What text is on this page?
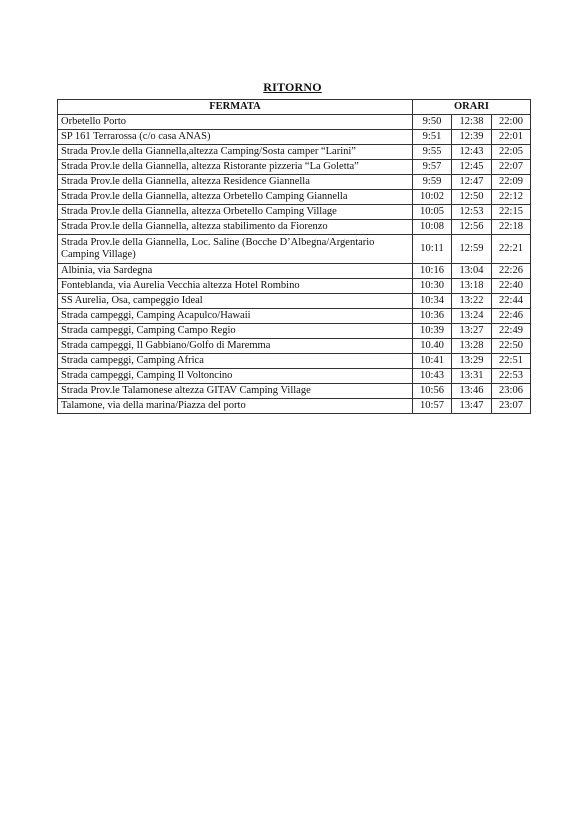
RITORNO
FERMATA	ORARI		
Orbetello Porto	9:50	12:38	22:00
SP 161 Terrarossa (c/o casa ANAS)	9:51	12:39	22:01
Strada Prov.le della Giannella,altezza Camping/Sosta camper “Larini”	9:55	12:43	22:05
Strada Prov.le della Giannella, altezza Ristorante pizzeria “La Goletta”	9:57	12:45	22:07
Strada Prov.le della Giannella, altezza Residence Giannella	9:59	12:47	22:09
Strada Prov.le della Giannella, altezza Orbetello Camping Giannella	10:02	12:50	22:12
Strada Prov.le della Giannella, altezza Orbetello Camping Village	10:05	12:53	22:15
Strada Prov.le della Giannella, altezza stabilimento da Fiorenzo	10:08	12:56	22:18
Strada Prov.le della Giannella, Loc. Saline (Bocche D’Albegna/Argentario Camping Village)	10:11	12:59	22:21
Albinia, via Sardegna	10:16	13:04	22:26
Fonteblanda, via Aurelia Vecchia altezza Hotel Rombino	10:30	13:18	22:40
SS Aurelia, Osa, campeggio Ideal	10:34	13:22	22:44
Strada campeggi, Camping Acapulco/Hawaii	10:36	13:24	22:46
Strada campeggi, Camping Campo Regio	10:39	13:27	22:49
Strada campeggi, Il Gabbiano/Golfo di Maremma	10.40	13:28	22:50
Strada campeggi, Camping Africa	10:41	13:29	22:51
Strada campeggi, Camping Il Voltoncino	10:43	13:31	22:53
Strada Prov.le Talamonese altezza GITAV Camping Village	10:56	13:46	23:06
Talamone, via della marina/Piazza del porto	10:57	13:47	23:07
